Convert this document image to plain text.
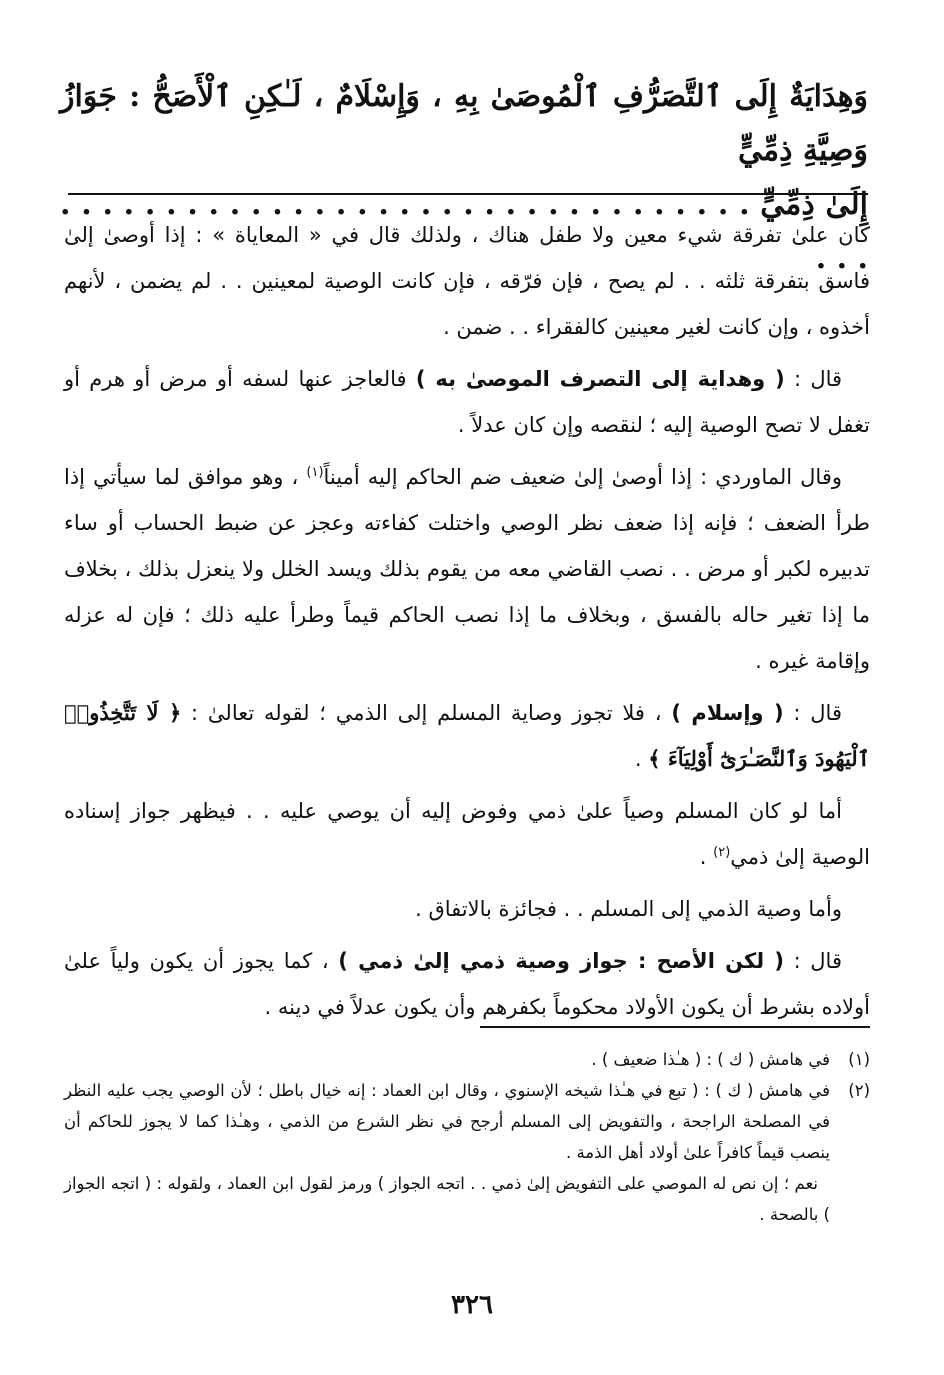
وَهِدَايَةٌ إِلَى ٱلتَّصَرُّفِ ٱلْمُوصَىٰ بِهِ ، وَإِسْلَامٌ ، لَـٰكِنِ ٱلْأَصَحُّ : جَوَازُ وَصِيَّةِ ذِمِّيٍّ
إِلَىٰ ذِمِّيٍّ . . . . . . . . . . . . . . . . . . . . . . . . . . . . . . . . . . . .

كان علىٰ تفرقة شيء معين ولا طفل هناك ، ولذلك قال في « المعاياة » : إذا أوصىٰ إلىٰ فاسق بتفرقة ثلثه . . لم يصح ، فإن فرّقه ، فإن كانت الوصية لمعينين . . لم يضمن ، لأنهم أخذوه ، وإن كانت لغير معينين كالفقراء . . ضمن .

قال : ( وهداية إلى التصرف الموصىٰ به ) فالعاجز عنها لسفه أو مرض أو هرم أو تغفل لا تصح الوصية إليه ؛ لنقصه وإن كان عدلاً .

وقال الماوردي : إذا أوصىٰ إلىٰ ضعيف ضم الحاكم إليه أميناً$^{(١)}$ ، وهو موافق لما سيأتي إذا طرأ الضعف ؛ فإنه إذا ضعف نظر الوصي واختلت كفاءته وعجز عن ضبط الحساب أو ساء تدبيره لكبر أو مرض . . نصب القاضي معه من يقوم بذلك ويسد الخلل ولا ينعزل بذلك ، بخلاف ما إذا تغير حاله بالفسق ، وبخلاف ما إذا نصب الحاكم قيماً وطرأ عليه ذلك ؛ فإن له عزله وإقامة غيره .

قال : ( وإسلام ) ، فلا تجوز وصاية المسلم إلى الذمي ؛ لقوله تعالىٰ : ﴿ لَا تَتَّخِذُوا۟ ٱلْيَهُودَ وَٱلنَّصَـٰرَىٰٓ أَوْلِيَآءَ ﴾ .

أما لو كان المسلم وصياً علىٰ ذمي وفوض إليه أن يوصي عليه . . فيظهر جواز إسناده الوصية إلىٰ ذمي$^{(٢)}$ .

وأما وصية الذمي إلى المسلم . . فجائزة بالاتفاق .

قال : ( لكن الأصح : جواز وصية ذمي إلىٰ ذمي ) ، كما يجوز أن يكون ولياً علىٰ أولاده بشرط أن يكون الأولاد محكوماً بكفرهم وأن يكون عدلاً في دينه .

(١)
في هامش ( ك ) : ( هـٰذا ضعيف ) .
(٢)
في هامش ( ك ) : ( تبع في هـٰذا شيخه الإسنوي ، وقال ابن العماد : إنه خيال باطل ؛ لأن الوصي يجب عليه النظر في المصلحة الراجحة ، والتفويض إلى المسلم أرجح في نظر الشرع من الذمي ، وهـٰذا كما لا يجوز للحاكم أن ينصب قيماً كافراً علىٰ أولاد أهل الذمة .

نعم ؛ إن نص له الموصي على التفويض إلىٰ ذمي . . اتجه الجواز ) ورمز لقول ابن العماد ، ولقوله : ( اتجه الجواز ) بالصحة .

٣٢٦
